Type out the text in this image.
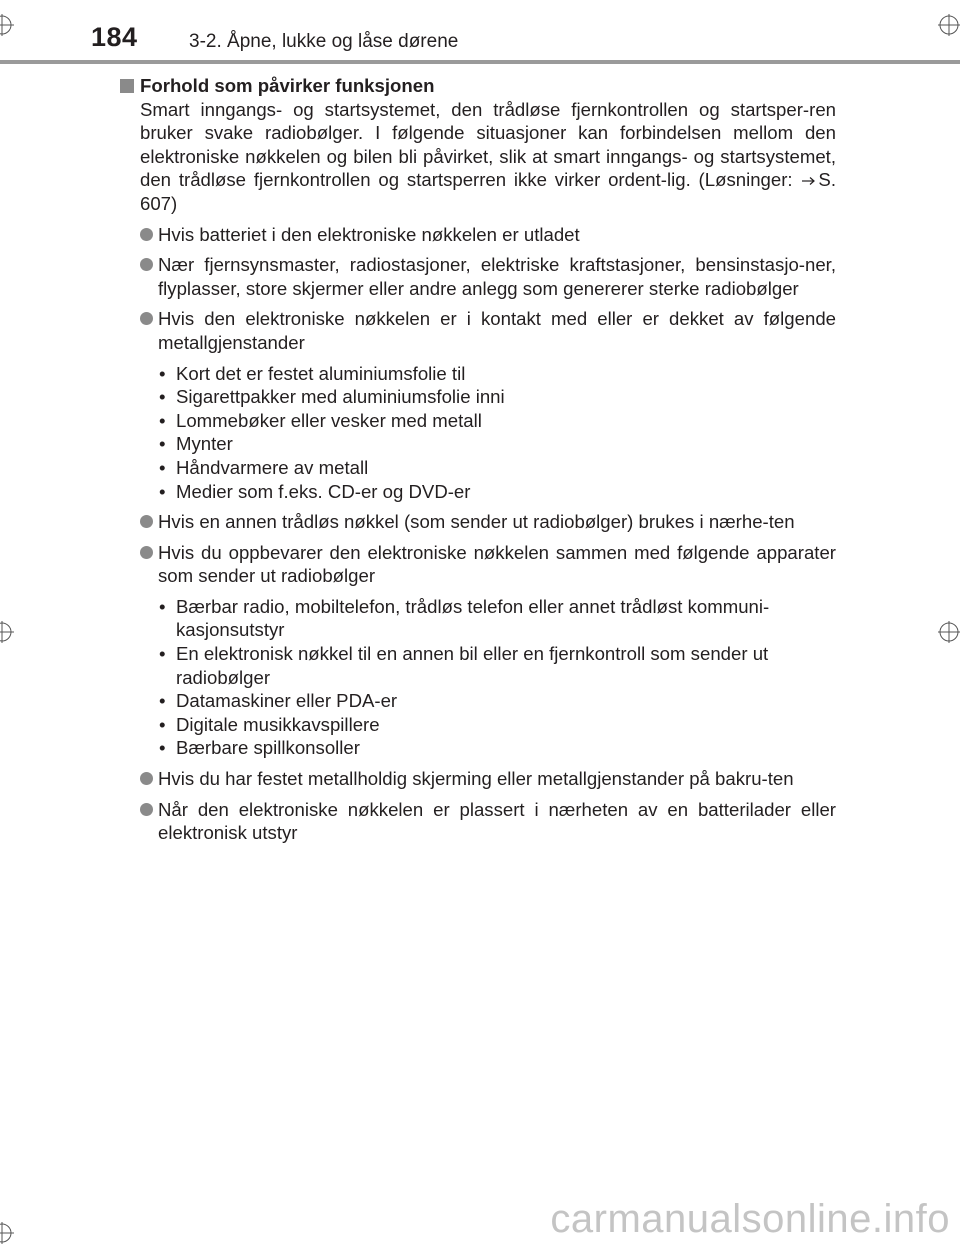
184	3-2. Åpne, lukke og låse dørene

Forhold som påvirker funksjonen

Smart inngangs- og startsystemet, den trådløse fjernkontrollen og startsper-ren bruker svake radiobølger. I følgende situasjoner kan forbindelsen mellom den elektroniske nøkkelen og bilen bli påvirket, slik at smart inngangs- og startsystemet, den trådløse fjernkontrollen og startsperren ikke virker ordent-lig. (Løsninger: S. 607)

Hvis batteriet i den elektroniske nøkkelen er utladet

Nær fjernsynsmaster, radiostasjoner, elektriske kraftstasjoner, bensinstasjo-ner, flyplasser, store skjermer eller andre anlegg som genererer sterke radiobølger

Hvis den elektroniske nøkkelen er i kontakt med eller er dekket av følgende metallgjenstander

• Kort det er festet aluminiumsfolie til
• Sigarettpakker med aluminiumsfolie inni
• Lommebøker eller vesker med metall
• Mynter
• Håndvarmere av metall
• Medier som f.eks. CD-er og DVD-er

Hvis en annen trådløs nøkkel (som sender ut radiobølger) brukes i nærhe-ten

Hvis du oppbevarer den elektroniske nøkkelen sammen med følgende apparater som sender ut radiobølger

• Bærbar radio, mobiltelefon, trådløs telefon eller annet trådløst kommuni-kasjonsutstyr
• En elektronisk nøkkel til en annen bil eller en fjernkontroll som sender ut radiobølger
• Datamaskiner eller PDA-er
• Digitale musikkavspillere
• Bærbare spillkonsoller

Hvis du har festet metallholdig skjerming eller metallgjenstander på bakru-ten

Når den elektroniske nøkkelen er plassert i nærheten av en batterilader eller elektronisk utstyr

carmanualsonline.info
